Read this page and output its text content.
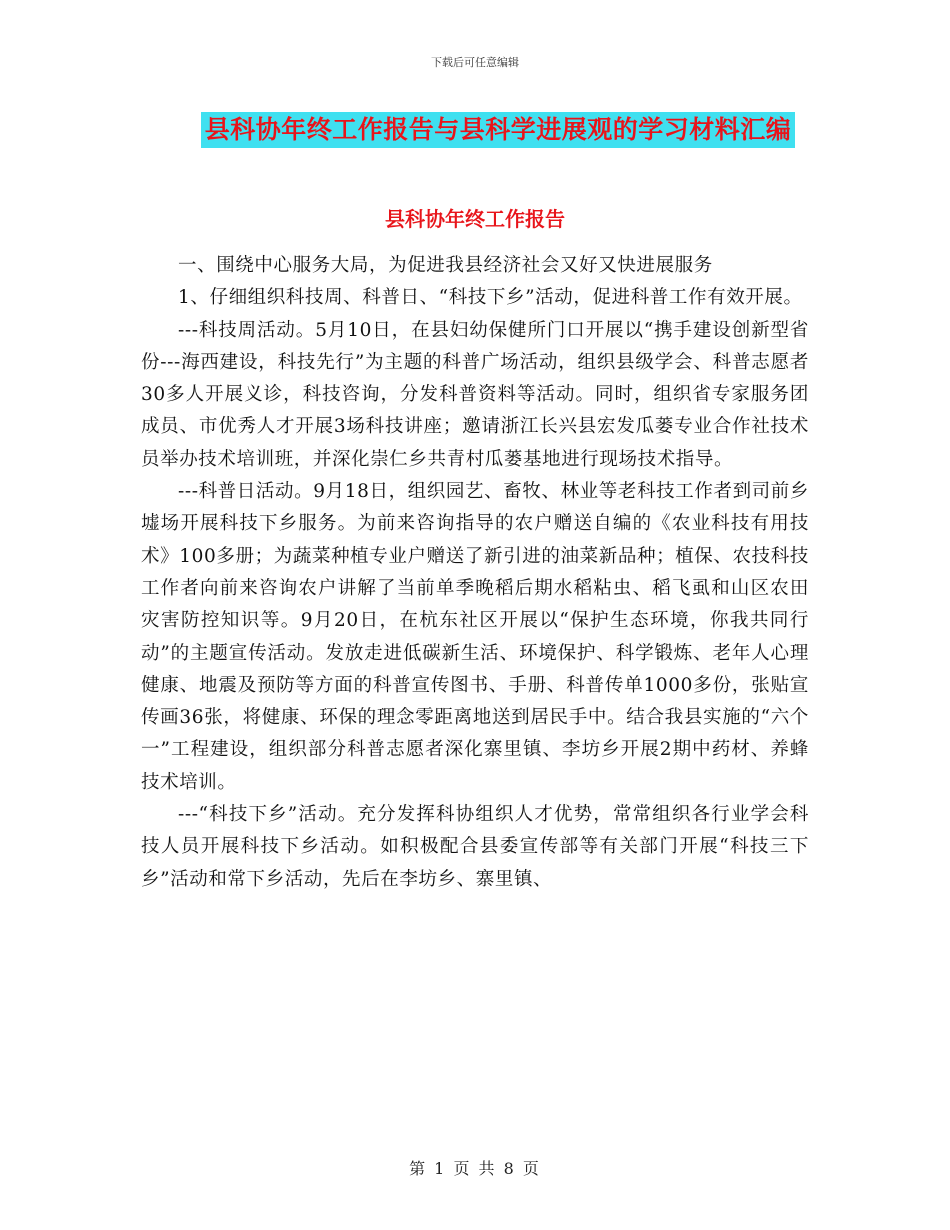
下载后可任意编辑
县科协年终工作报告与县科学进展观的学习材料汇编
县科协年终工作报告

一、围绕中心服务大局，为促进我县经济社会又好又快进展服务

1、仔细组织科技周、科普日、“科技下乡”活动，促进科普工作有效开展。

---科技周活动。5月10日，在县妇幼保健所门口开展以“携手建设创新型省份---海西建设，科技先行”为主题的科普广场活动，组织县级学会、科普志愿者30多人开展义诊，科技咨询，分发科普资料等活动。同时，组织省专家服务团成员、市优秀人才开展3场科技讲座；邀请浙江长兴县宏发瓜蒌专业合作社技术员举办技术培训班，并深化崇仁乡共青村瓜蒌基地进行现场技术指导。

---科普日活动。9月18日，组织园艺、畜牧、林业等老科技工作者到司前乡墟场开展科技下乡服务。为前来咨询指导的农户赠送自编的《农业科技有用技术》100多册；为蔬菜种植专业户赠送了新引进的油菜新品种；植保、农技科技工作者向前来咨询农户讲解了当前单季晚稻后期水稻粘虫、稻飞虱和山区农田灾害防控知识等。9月20日，在杭东社区开展以“保护生态环境，你我共同行动”的主题宣传活动。发放走进低碳新生活、环境保护、科学锻炼、老年人心理健康、地震及预防等方面的科普宣传图书、手册、科普传单1000多份，张贴宣传画36张，将健康、环保的理念零距离地送到居民手中。结合我县实施的“六个一”工程建设，组织部分科普志愿者深化寨里镇、李坊乡开展2期中药材、养蜂技术培训。

---“科技下乡”活动。充分发挥科协组织人才优势，常常组织各行业学会科技人员开展科技下乡活动。如积极配合县委宣传部等有关部门开展“科技三下乡”活动和常下乡活动，先后在李坊乡、寨里镇、

第 1 页 共 8 页
